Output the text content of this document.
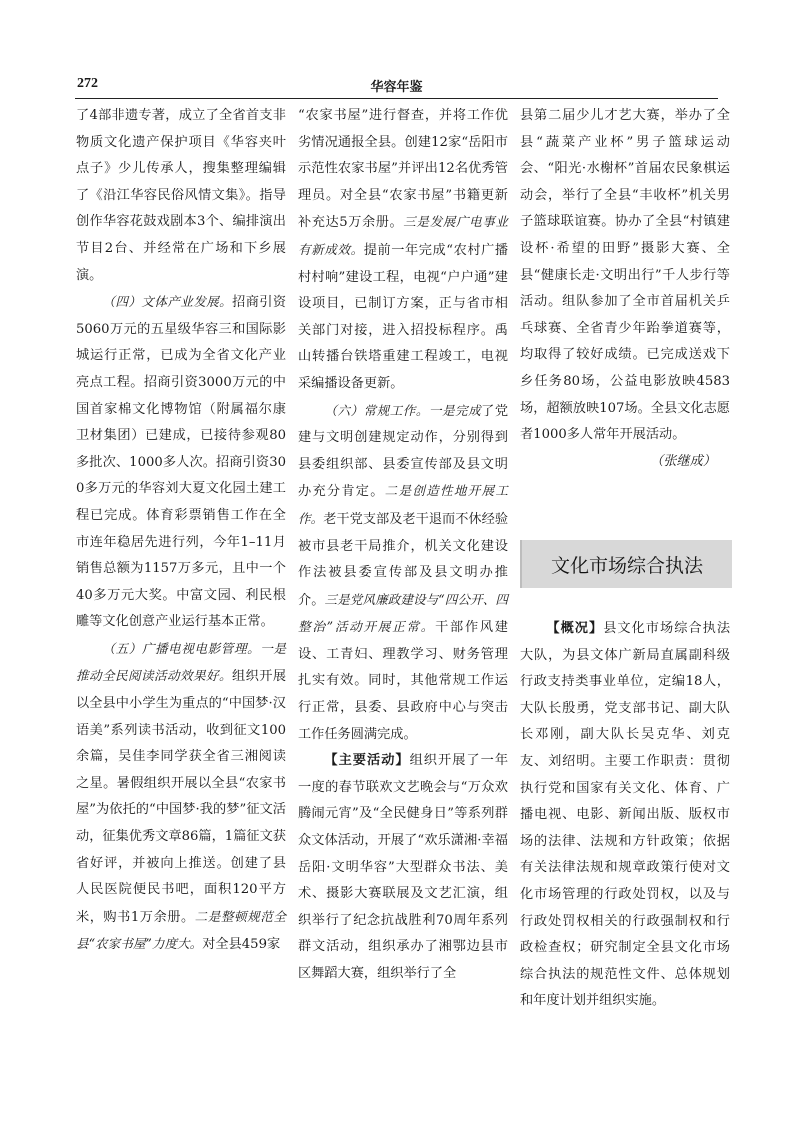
272	华容年鉴

了4部非遗专著，成立了全省首支非物质文化遗产保护项目《华容夹叶点子》少儿传承人，搜集整理编辑了《沿江华容民俗风情文集》。指导创作华容花鼓戏剧本3个、编排演出节目2台、并经常在广场和下乡展演。

（四）文体产业发展。招商引资5060万元的五星级华容三和国际影城运行正常，已成为全省文化产业亮点工程。招商引资3000万元的中国首家棉文化博物馆（附属福尔康卫材集团）已建成，已接待参观80多批次、1000多人次。招商引资300多万元的华容刘大夏文化园土建工程已完成。体育彩票销售工作在全市连年稳居先进行列，今年1–11月销售总额为1157万多元，且中一个40多万元大奖。中富文园、利民根雕等文化创意产业运行基本正常。

（五）广播电视电影管理。一是推动全民阅读活动效果好。组织开展以全县中小学生为重点的“中国梦·汉语美”系列读书活动，收到征文100余篇，吴佳李同学获全省三湘阅读之星。暑假组织开展以全县“农家书屋”为依托的“中国梦·我的梦”征文活动，征集优秀文章86篇，1篇征文获省好评，并被向上推送。创建了县人民医院便民书吧，面积120平方米，购书1万余册。二是整顿规范全县“农家书屋”力度大。对全县459家

“农家书屋”进行督查，并将工作优劣情况通报全县。创建12家“岳阳市示范性农家书屋”并评出12名优秀管理员。对全县“农家书屋”书籍更新补充达5万余册。三是发展广电事业有新成效。提前一年完成“农村广播村村响”建设工程，电视“户户通”建设项目，已制订方案，正与省市相关部门对接，进入招投标程序。禹山转播台铁塔重建工程竣工，电视采编播设备更新。

（六）常规工作。一是完成了党建与文明创建规定动作，分别得到县委组织部、县委宣传部及县文明办充分肯定。二是创造性地开展工作。老干党支部及老干退而不休经验被市县老干局推介，机关文化建设作法被县委宣传部及县文明办推介。三是党风廉政建设与“四公开、四整治”活动开展正常。干部作风建设、工青妇、理教学习、财务管理扎实有效。同时，其他常规工作运行正常，县委、县政府中心与突击工作任务圆满完成。

【主要活动】组织开展了一年一度的春节联欢文艺晚会与“万众欢腾闹元宵”及“全民健身日”等系列群众文体活动，开展了“欢乐潇湘·幸福岳阳·文明华容”大型群众书法、美术、摄影大赛联展及文艺汇演，组织举行了纪念抗战胜利70周年系列群文活动，组织承办了湘鄂边县市区舞蹈大赛，组织举行了全

县第二届少儿才艺大赛，举办了全县“蔬菜产业杯”男子篮球运动会、“阳光·水榭杯”首届农民象棋运动会，举行了全县“丰收杯”机关男子篮球联谊赛。协办了全县“村镇建设杯·希望的田野”摄影大赛、全县“健康长走·文明出行”千人步行等活动。组队参加了全市首届机关乒乓球赛、全省青少年跆拳道赛等，均取得了较好成绩。已完成送戏下乡任务80场，公益电影放映4583场，超额放映107场。全县文化志愿者1000多人常年开展活动。

（张继成）

文化市场综合执法

【概况】县文化市场综合执法大队，为县文体广新局直属副科级行政支持类事业单位，定编18人，大队长殷勇，党支部书记、副大队长邓刚，副大队长吴克华、刘克友、刘绍明。主要工作职责：贯彻执行党和国家有关文化、体育、广播电视、电影、新闻出版、版权市场的法律、法规和方针政策；依据有关法律法规和规章政策行使对文化市场管理的行政处罚权，以及与行政处罚权相关的行政强制权和行政检查权；研究制定全县文化市场综合执法的规范性文件、总体规划和年度计划并组织实施。
